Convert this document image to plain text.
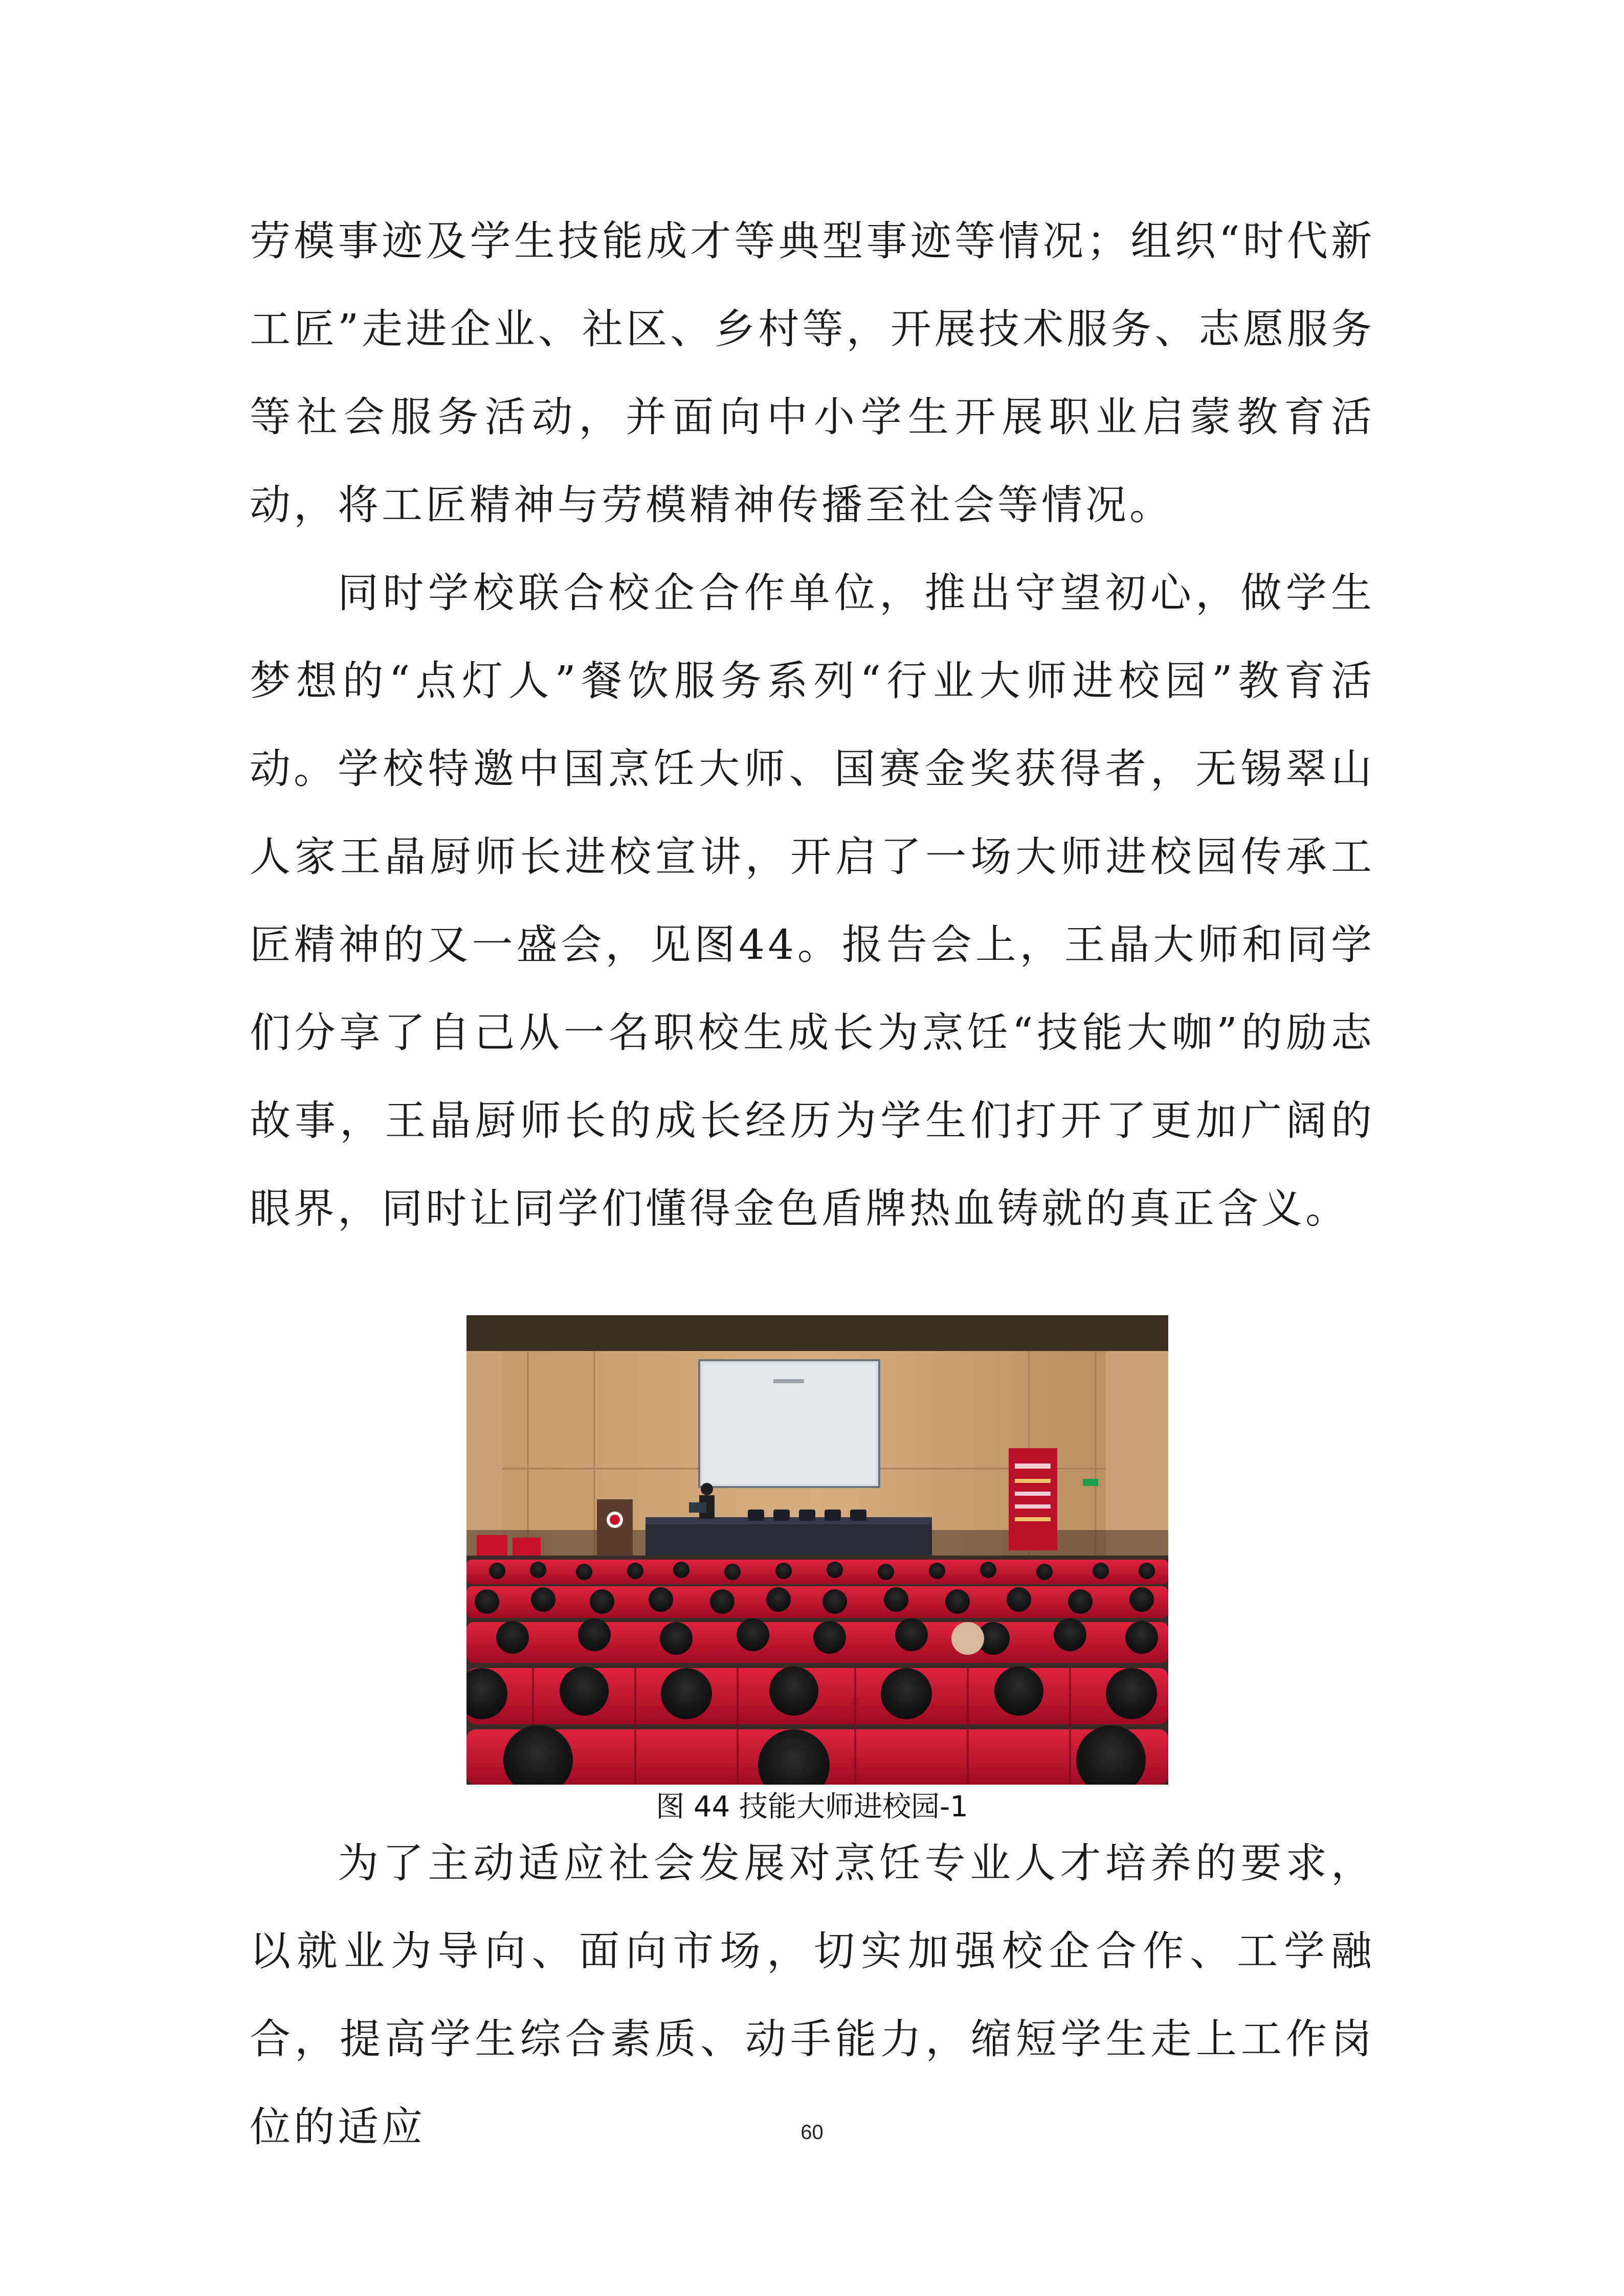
劳模事迹及学生技能成才等典型事迹等情况；组织“时代新工匠”走进企业、社区、乡村等，开展技术服务、志愿服务等社会服务活动，并面向中小学生开展职业启蒙教育活动，将工匠精神与劳模精神传播至社会等情况。

同时学校联合校企合作单位，推出守望初心，做学生梦想的“点灯人”餐饮服务系列“行业大师进校园”教育活动。 学校特邀中国烹饪大师、国赛金奖获得者，无锡翠山人家王晶厨师长进校宣讲，开启了一场大师进校园传承工匠精神的又一盛会，见图44。报告会上，王晶大师和同学们分享了自己从一名职校生成长为烹饪“技能大咖”的励志故事，王晶厨师长的成长经历为学生们打开了更加广阔的眼界，同时让同学们懂得金色盾牌热血铸就的真正含义。

图 44 技能大师进校园-1

为了主动适应社会发展对烹饪专业人才培养的要求，以就业为导向、面向市场，切实加强校企合作、工学融合，提高学生综合素质、动手能力，缩短学生走上工作岗位的适应	60
